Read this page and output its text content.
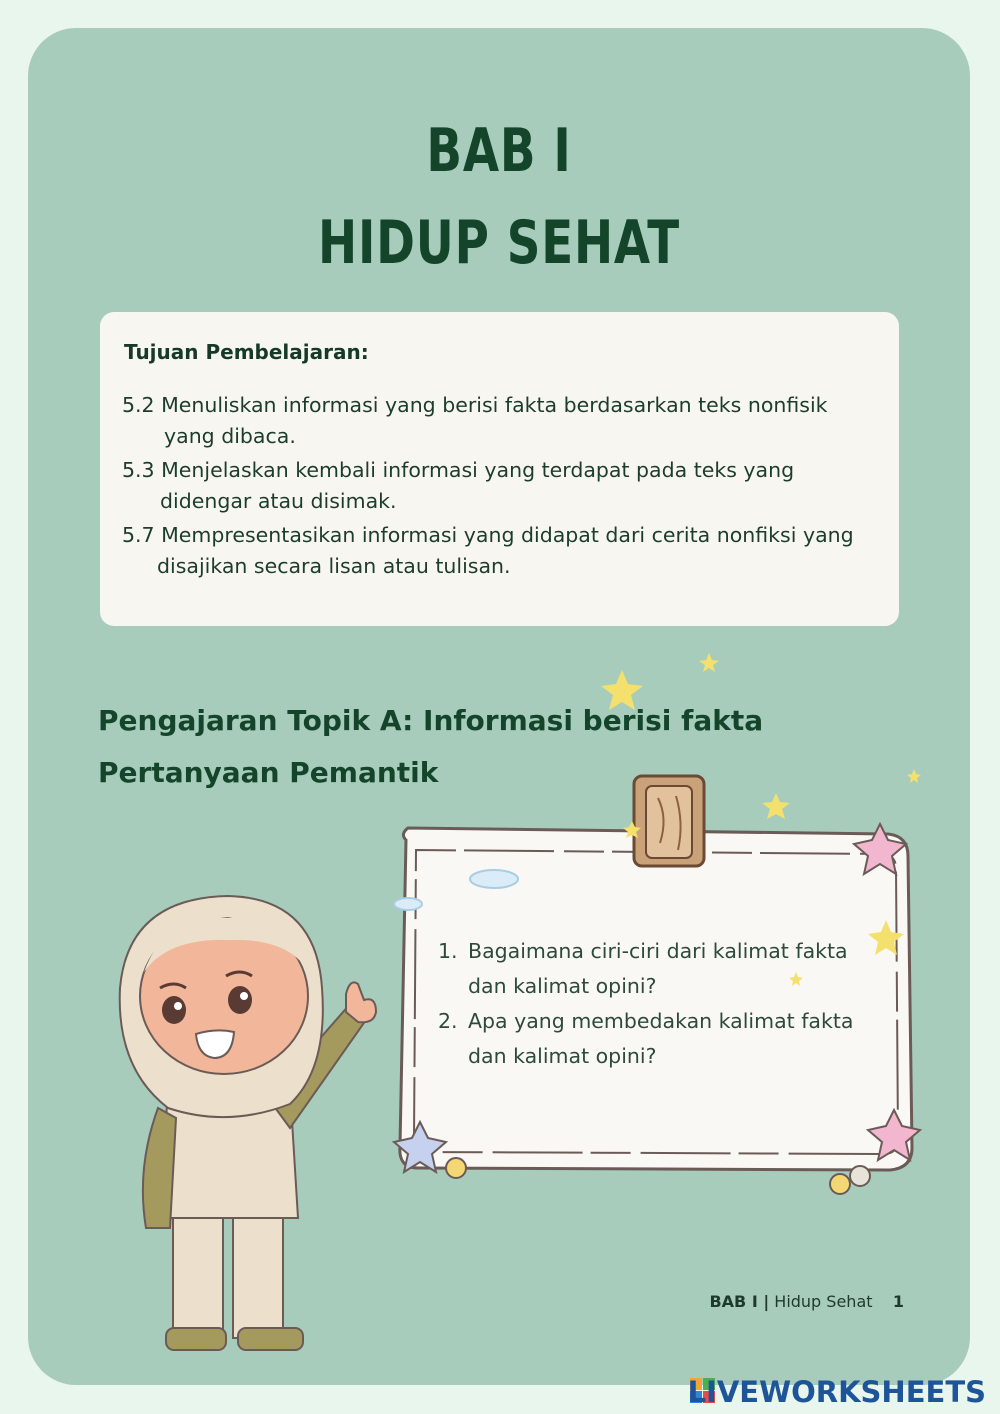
BAB I
HIDUP SEHAT
Tujuan Pembelajaran:
5.2 Menuliskan informasi yang berisi fakta berdasarkan teks nonfisik
yang dibaca.
5.3 Menjelaskan kembali informasi yang terdapat pada teks yang
didengar atau disimak.
5.7 Mempresentasikan informasi yang didapat dari cerita nonfiksi yang
disajikan secara lisan atau tulisan.
Pengajaran Topik A: Informasi berisi fakta
Pertanyaan Pemantik
1. Bagaimana ciri-ciri dari kalimat fakta
dan kalimat opini?
2. Apa yang membedakan kalimat fakta
dan kalimat opini?
BAB I | Hidup Sehat 1
LIVEWORKSHEETS
